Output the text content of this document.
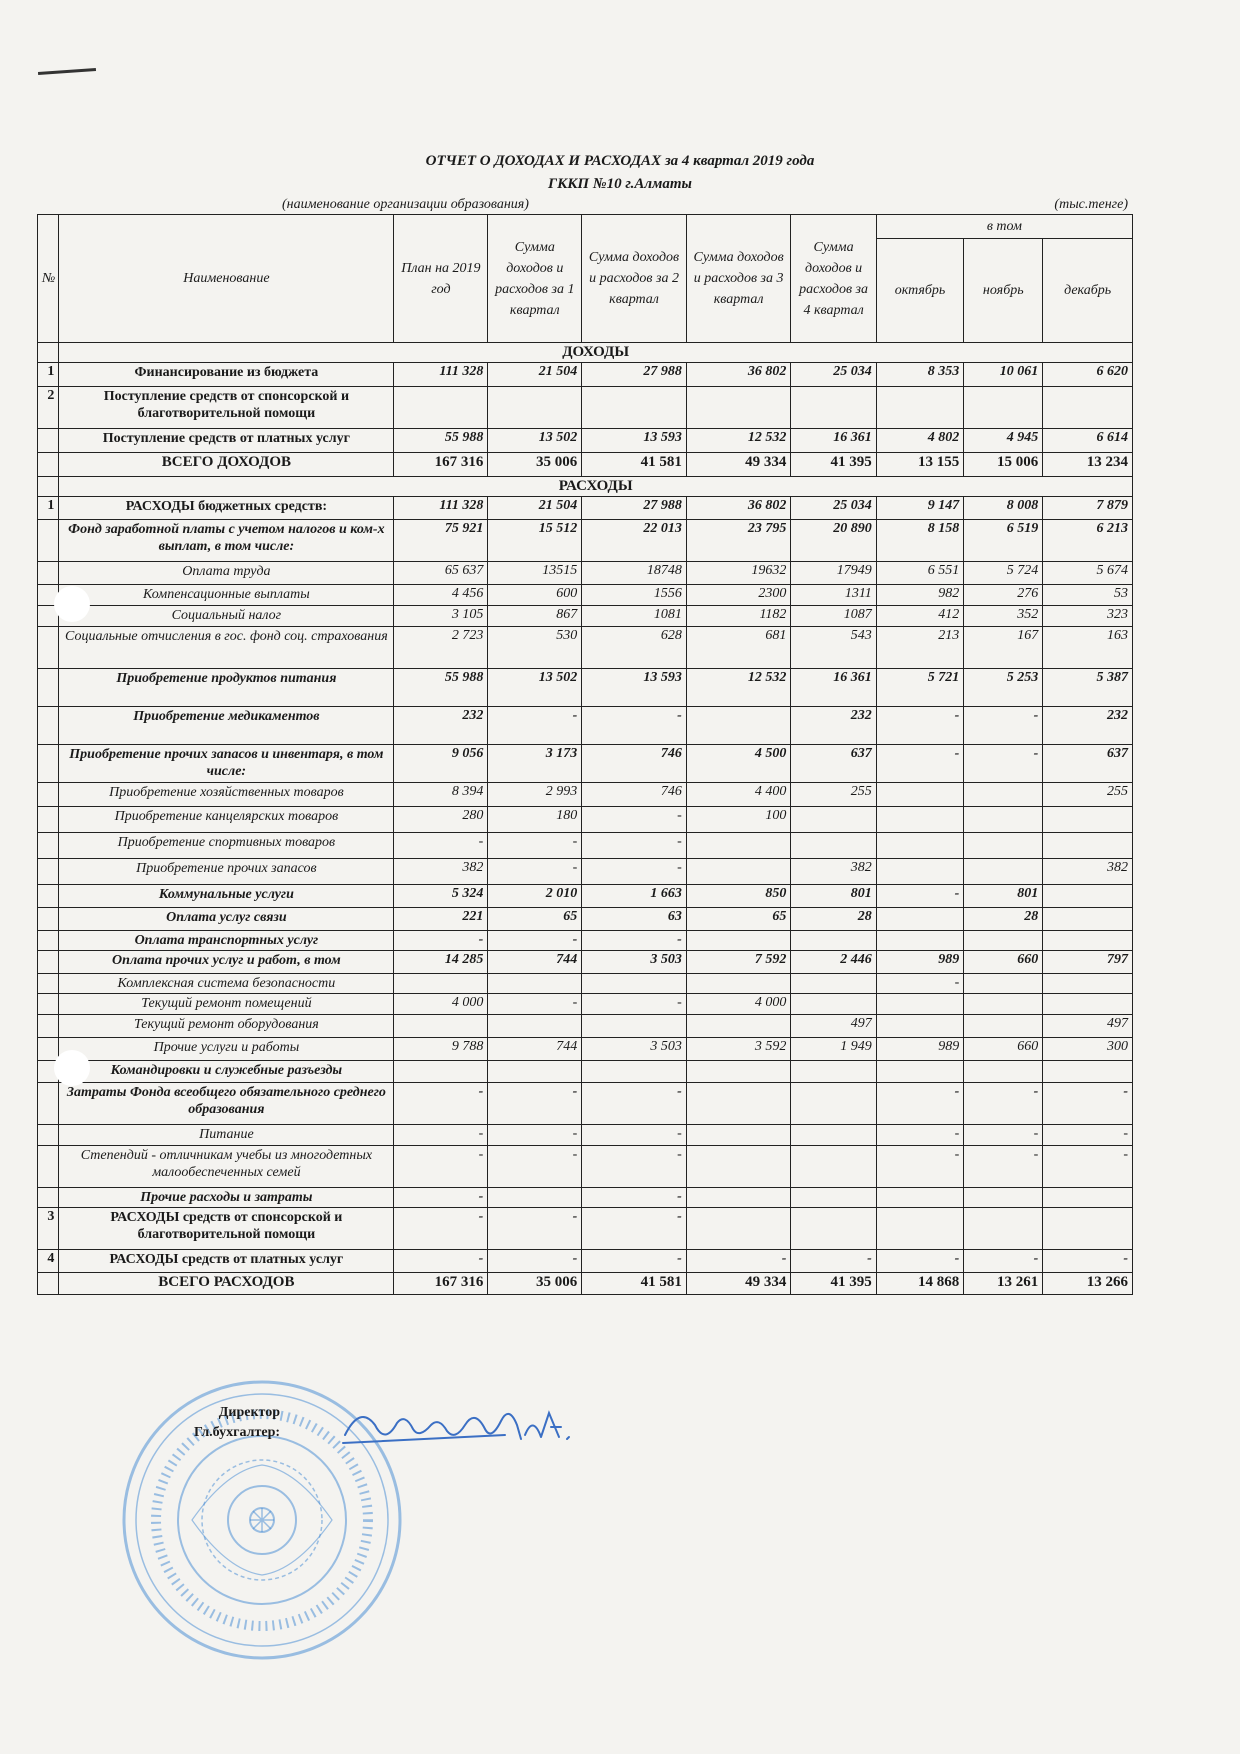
ОТЧЕТ О ДОХОДАХ И РАСХОДАХ за 4 квартал 2019 года
ГККП №10 г.Алматы
(наименование организации образования)	(тыс.тенге)
№	Наименование	План на 2019 год	Сумма доходов и расходов за 1 квартал	Сумма доходов и расходов за 2 квартал	Сумма доходов и расходов за 3 квартал	Сумма доходов и расходов за 4 квартал	в том		
							октябрь	ноябрь	декабрь
	ДОХОДЫ								
1	Финансирование из бюджета	111 328	21 504	27 988	36 802	25 034	8 353	10 061	6 620
2	Поступление средств от спонсорской и благотворительной помощи								
	Поступление средств от платных услуг	55 988	13 502	13 593	12 532	16 361	4 802	4 945	6 614
	ВСЕГО ДОХОДОВ	167 316	35 006	41 581	49 334	41 395	13 155	15 006	13 234
	РАСХОДЫ								
1	РАСХОДЫ бюджетных средств:	111 328	21 504	27 988	36 802	25 034	9 147	8 008	7 879
	Фонд заработной платы с учетом налогов и ком-х выплат, в том числе:	75 921	15 512	22 013	23 795	20 890	8 158	6 519	6 213
	Оплата труда	65 637	13515	18748	19632	17949	6 551	5 724	5 674
	Компенсационные выплаты	4 456	600	1556	2300	1311	982	276	53
	Социальный налог	3 105	867	1081	1182	1087	412	352	323
	Социальные отчисления в гос. фонд соц. страхования	2 723	530	628	681	543	213	167	163
	Приобретение продуктов питания	55 988	13 502	13 593	12 532	16 361	5 721	5 253	5 387
	Приобретение медикаментов	232	-	-		232	-	-	232
	Приобретение прочих запасов и инвентаря, в том числе:	9 056	3 173	746	4 500	637	-	-	637
	Приобретение хозяйственных товаров	8 394	2 993	746	4 400	255			255
	Приобретение канцелярских товаров	280	180	-	100				
	Приобретение спортивных товаров	-	-	-					
	Приобретение прочих запасов	382	-	-		382			382
	Коммунальные услуги	5 324	2 010	1 663	850	801	-	801	
	Оплата услуг связи	221	65	63	65	28		28	
	Оплата транспортных услуг	-	-	-					
	Оплата прочих услуг и работ, в том	14 285	744	3 503	7 592	2 446	989	660	797
	Комплексная система безопасности						-		
	Текущий ремонт помещений	4 000	-	-	4 000				
	Текущий ремонт оборудования					497			497
	Прочие услуги и работы	9 788	744	3 503	3 592	1 949	989	660	300
	Командировки и служебные разъезды								
	Затраты Фонда всеобщего обязательного среднего образования	-	-	-			-	-	-
	Питание	-	-	-			-	-	-
	Степендий - отличникам учебы из многодетных малообеспеченных семей	-	-	-			-	-	-
	Прочие расходы и затраты	-		-					
3	РАСХОДЫ средств от спонсорской и благотворительной помощи	-	-	-					
4	РАСХОДЫ средств от платных услуг	-	-	-	-	-	-	-	-
	ВСЕГО РАСХОДОВ	167 316	35 006	41 581	49 334	41 395	14 868	13 261	13 266
Директор
Гл.бухгалтер:
